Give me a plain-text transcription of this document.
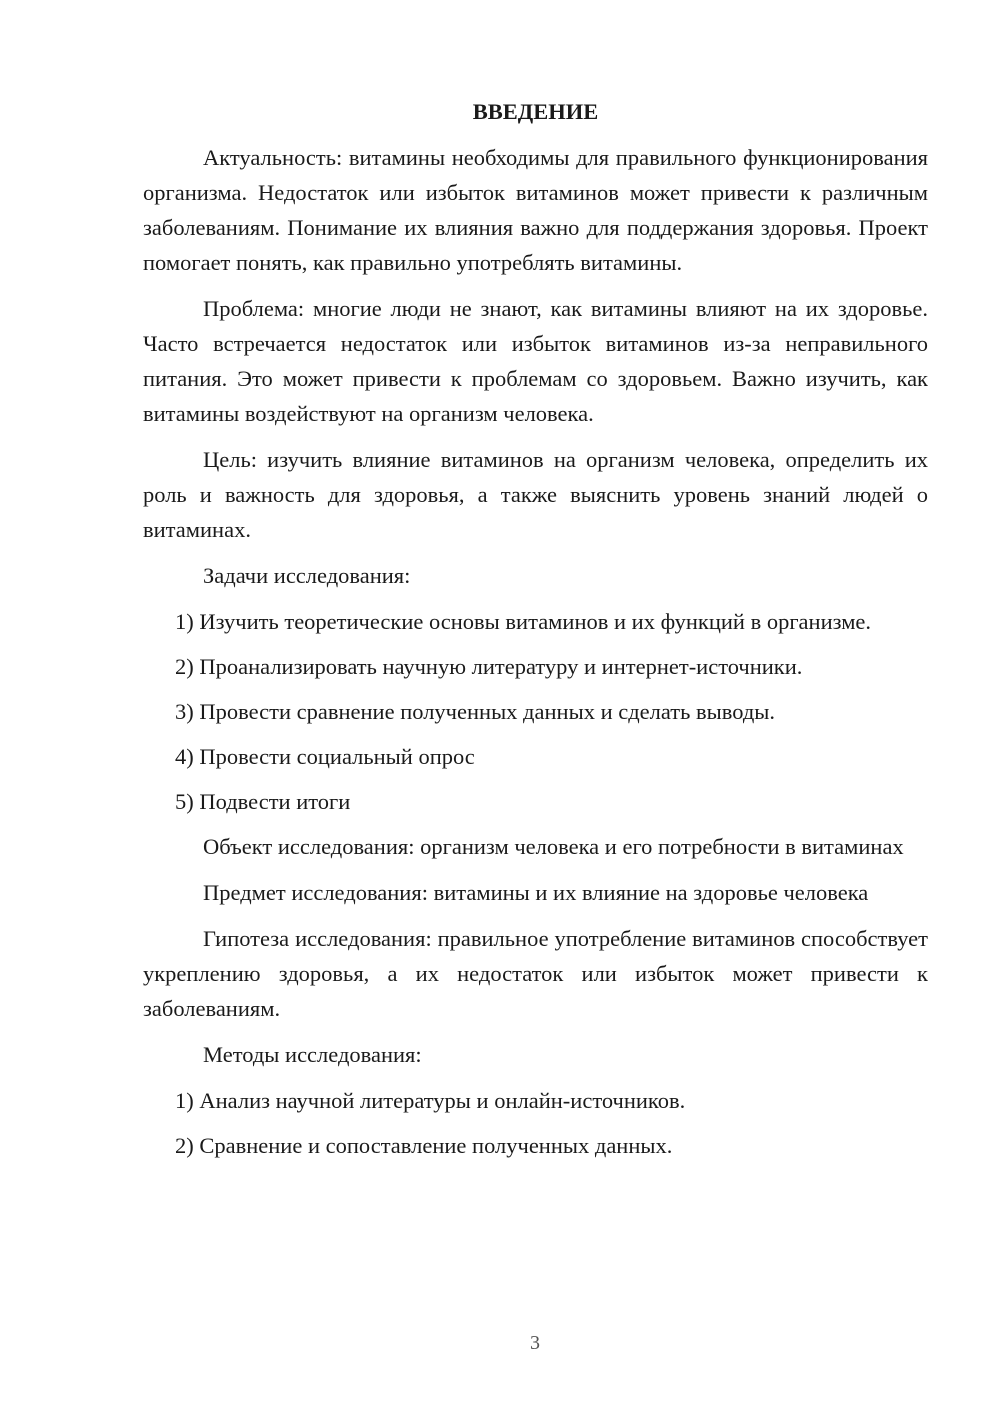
ВВЕДЕНИЕ

Актуальность: витамины необходимы для правильного функционирования организма. Недостаток или избыток витаминов может привести к различным заболеваниям. Понимание их влияния важно для поддержания здоровья. Проект помогает понять, как правильно употреблять витамины.

Проблема: многие люди не знают, как витамины влияют на их здоровье. Часто встречается недостаток или избыток витаминов из-за неправильного питания. Это может привести к проблемам со здоровьем. Важно изучить, как витамины воздействуют на организм человека.

Цель: изучить влияние витаминов на организм человека, определить их роль и важность для здоровья, а также выяснить уровень знаний людей о витаминах.

Задачи исследования:

1) Изучить теоретические основы витаминов и их функций в организме.

2) Проанализировать научную литературу и интернет-источники.

3) Провести сравнение полученных данных и сделать выводы.

4) Провести социальный опрос

5) Подвести итоги

Объект исследования: организм человека и его потребности в витаминах

Предмет исследования: витамины и их влияние на здоровье человека

Гипотеза исследования: правильное употребление витаминов способствует укреплению здоровья, а их недостаток или избыток может привести к заболеваниям.

Методы исследования:

1) Анализ научной литературы и онлайн-источников.

2) Сравнение и сопоставление полученных данных.

3
